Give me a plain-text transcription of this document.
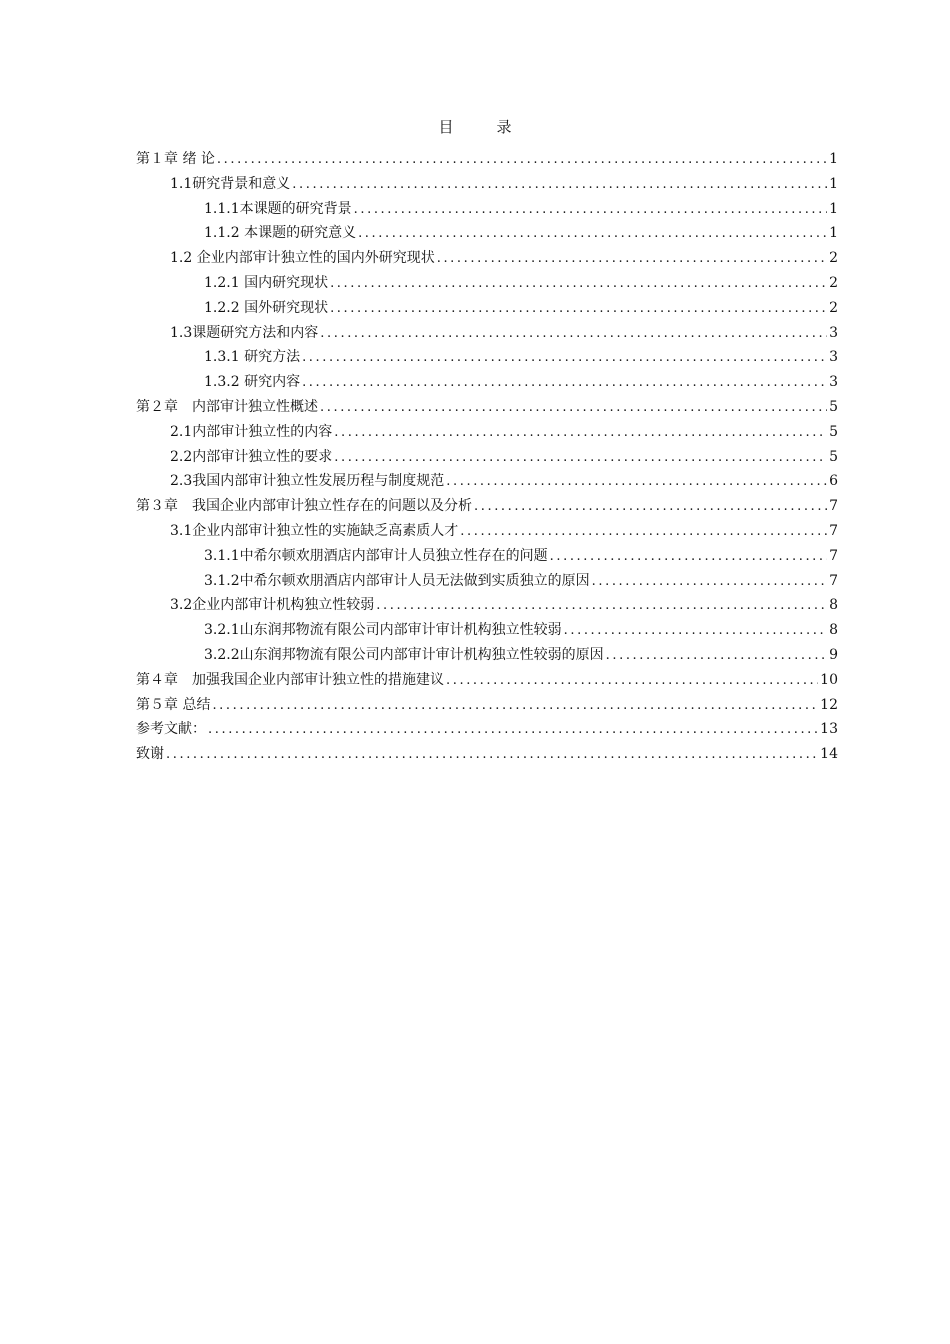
目　录
第１章 绪 论 .....	1
1.1研究背景和意义 .....	1
1.1.1本课题的研究背景 .....	1
1.1.2 本课题的研究意义 .....	1
1.2 企业内部审计独立性的国内外研究现状 .....	2
1.2.1 国内研究现状 .....	2
1.2.2 国外研究现状 .....	2
1.3课题研究方法和内容 .....	3
1.3.1 研究方法 .....	3
1.3.2 研究内容 .....	3
第２章　内部审计独立性概述 .....	5
2.1内部审计独立性的内容 .....	5
2.2内部审计独立性的要求 .....	5
2.3我国内部审计独立性发展历程与制度规范 .....	6
第３章　我国企业内部审计独立性存在的问题以及分析 .....	7
3.1企业内部审计独立性的实施缺乏高素质人才 .....	7
3.1.1中希尔顿欢朋酒店内部审计人员独立性存在的问题 .....	7
3.1.2中希尔顿欢朋酒店内部审计人员无法做到实质独立的原因 .....	7
3.2企业内部审计机构独立性较弱 .....	8
3.2.1山东润邦物流有限公司内部审计审计机构独立性较弱 .....	8
3.2.2山东润邦物流有限公司内部审计审计机构独立性较弱的原因 .....	9
第４章　加强我国企业内部审计独立性的措施建议 .....	10
第５章 总结 .....	12
参考文献： .....	13
致谢 .....	14
